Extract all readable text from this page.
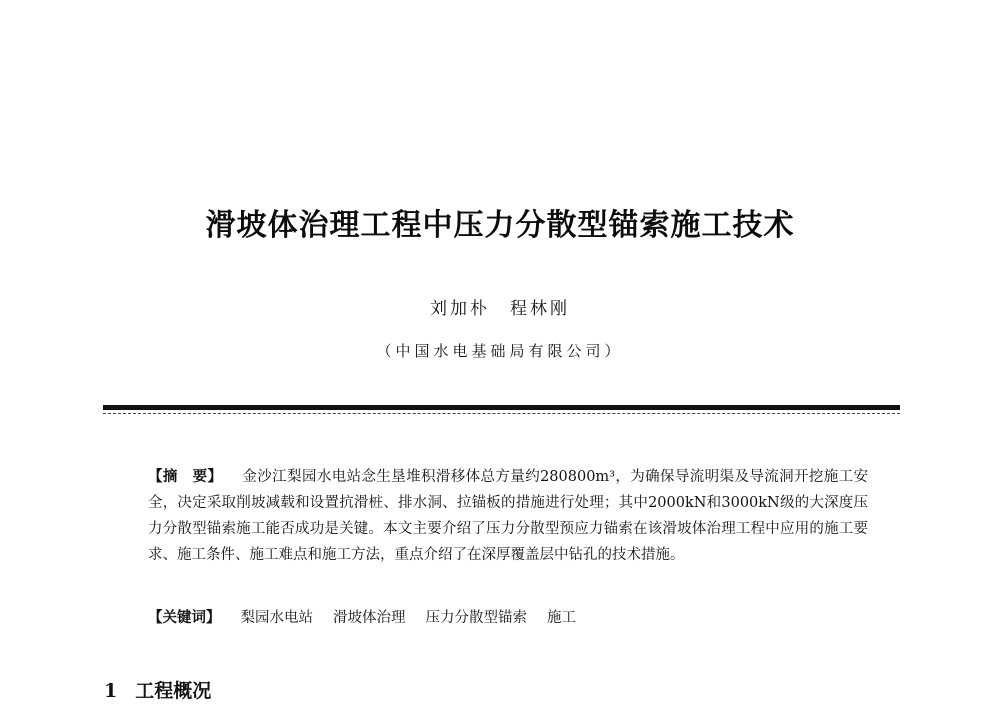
滑坡体治理工程中压力分散型锚索施工技术
刘加朴　程林刚
（中国水电基础局有限公司）
【摘　要】 金沙江梨园水电站念生垦堆积滑移体总方量约280800m³，为确保导流明渠及导流洞开挖施工安全，决定采取削坡减载和设置抗滑桩、排水洞、拉锚板的措施进行处理；其中2000kN和3000kN级的大深度压力分散型锚索施工能否成功是关键。本文主要介绍了压力分散型预应力锚索在该滑坡体治理工程中应用的施工要求、施工条件、施工难点和施工方法，重点介绍了在深厚覆盖层中钻孔的技术措施。
【关键词】 梨园水电站 滑坡体治理 压力分散型锚索 施工
1 工程概况
